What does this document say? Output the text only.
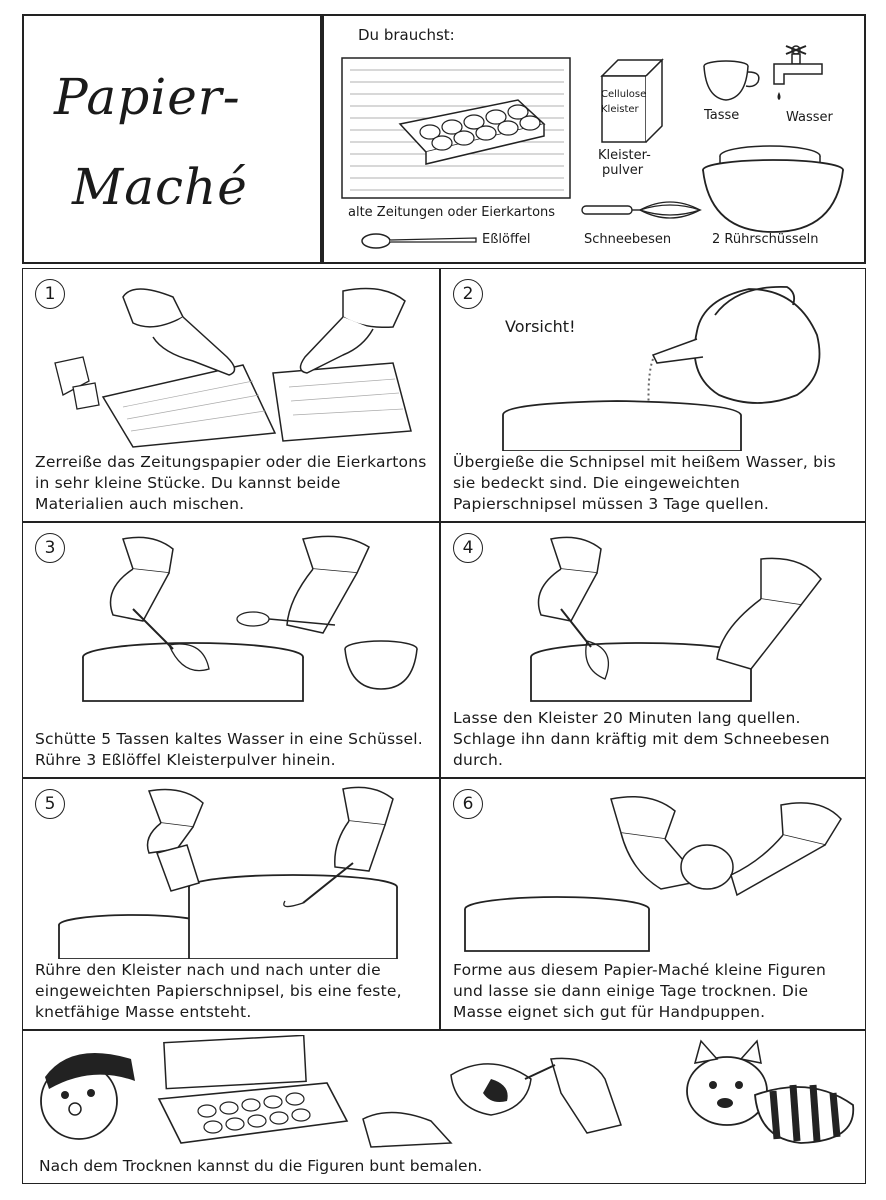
Papier-
Maché
Du brauchst:
alte Zeitungen oder Eierkartons
Cellulose
Kleister
Kleister-
pulver
Tasse	Wasser
Eßlöffel	Schneebesen	2 Rührschüsseln
1
Zerreiße das Zeitungspapier oder die Eierkartons in sehr kleine Stücke. Du kannst beide Materialien auch mischen.
2
Vorsicht!
Übergieße die Schnipsel mit heißem Wasser, bis sie bedeckt sind. Die eingeweichten Papierschnipsel müssen 3 Tage quellen.
3
Schütte 5 Tassen kaltes Wasser in eine Schüssel. Rühre 3 Eßlöffel Kleisterpulver hinein.
4
Lasse den Kleister 20 Minuten lang quellen. Schlage ihn dann kräftig mit dem Schneebesen durch.
5
Rühre den Kleister nach und nach unter die eingeweichten Papierschnipsel, bis eine feste, knetfähige Masse entsteht.
6
Forme aus diesem Papier-Maché kleine Figuren und lasse sie dann einige Tage trocknen. Die Masse eignet sich gut für Handpuppen.
Nach dem Trocknen kannst du die Figuren bunt bemalen.
